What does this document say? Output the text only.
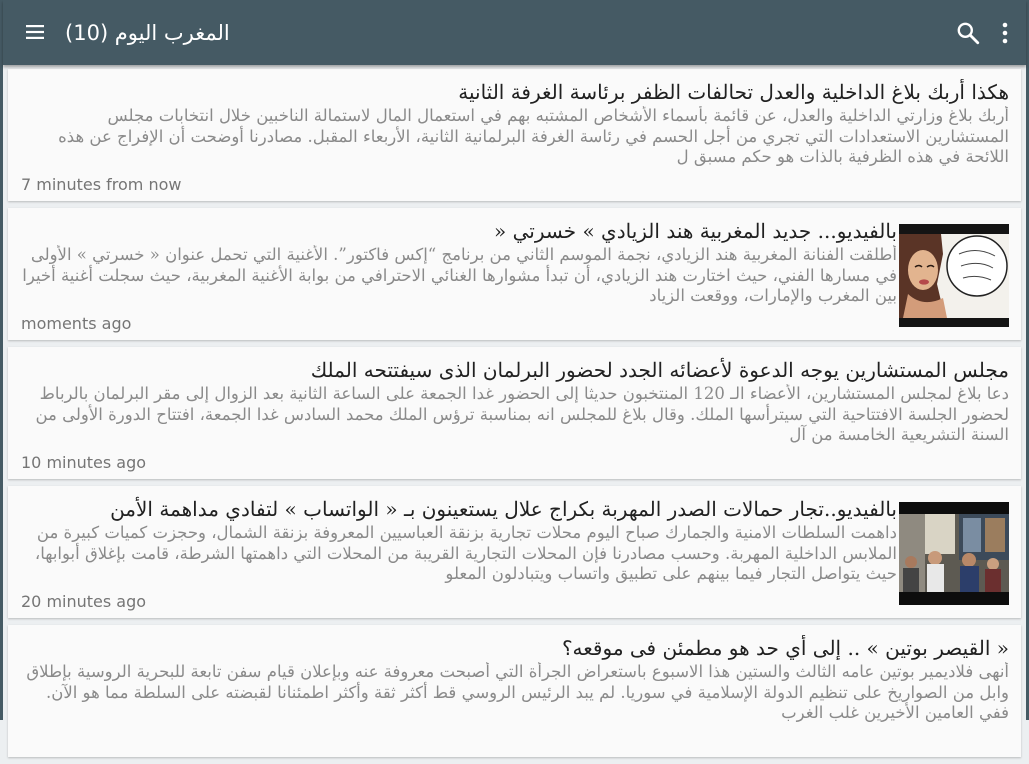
المغرب اليوم (10)
هكذا أربك بلاغ الداخلية والعدل تحالفات الظفر برئاسة الغرفة الثانية
أربك بلاغ وزارتي الداخلية والعدل، عن قائمة بأسماء الأشخاص المشتبه بهم في استعمال المال لاستمالة الناخبين خلال انتخابات مجلس المستشارين الاستعدادات التي تجري من أجل الحسم في رئاسة الغرفة البرلمانية الثانية، الأربعاء المقبل. مصادرنا أوضحت أن الإفراج عن هذه اللائحة في هذه الظرفية بالذات هو حكم مسبق ل
7 minutes from now
بالفيديو... جديد المغربية هند الزيادي » خسرتي «
أطلقت الفنانة المغربية هند الزيادي، نجمة الموسم الثاني من برنامج “إكس فاكتور”. الأغنية التي تحمل عنوان « خسرتي » الأولى في مسارها الفني، حيث اختارت هند الزيادي، أن تبدأ مشوارها الغنائي الاحترافي من بوابة الأغنية المغربية، حيث سجلت أغنية أخيرا بين المغرب والإمارات، ووقعت الزياد
moments ago
مجلس المستشارين يوجه الدعوة لأعضائه الجدد لحضور البرلمان الذى سيفتتحه الملك
دعا بلاغ لمجلس المستشارين، الأعضاء الـ 120 المنتخبون حديثا إلى الحضور غدا الجمعة على الساعة الثانية بعد الزوال إلى مقر البرلمان بالرباط لحضور الجلسة الافتتاحية التي سيترأسها الملك. وقال بلاغ للمجلس انه بمناسبة ترؤس الملك محمد السادس غدا الجمعة، افتتاح الدورة الأولى من السنة التشريعية الخامسة من آل
10 minutes ago
بالفيديو..تجار حمالات الصدر المهربة بكراج علال يستعينون بـ « الواتساب » لتفادي مداهمة الأمن
داهمت السلطات الامنية والجمارك صباح اليوم محلات تجارية بزنقة العباسيين المعروفة بزنقة الشمال، وحجزت كميات كبيرة من الملابس الداخلية المهربة. وحسب مصادرنا فإن المحلات التجارية القريبة من المحلات التي داهمتها الشرطة، قامت بإغلاق أبوابها، حيث يتواصل التجار فيما بينهم على تطبيق واتساب ويتبادلون المعلو
20 minutes ago
« القيصر بوتين » .. إلى أي حد هو مطمئن فى موقعه؟
أنهى فلاديمير بوتين عامه الثالث والستين هذا الاسبوع باستعراض الجرأة التي أصبحت معروفة عنه وبإعلان قيام سفن تابعة للبحرية الروسية بإطلاق وابل من الصواريخ على تنظيم الدولة الإسلامية في سوريا. لم يبد الرئيس الروسي قط أكثر ثقة وأكثر اطمئنانا لقبضته على السلطة مما هو الآن. ففي العامين الأخيرين غلب الغرب
